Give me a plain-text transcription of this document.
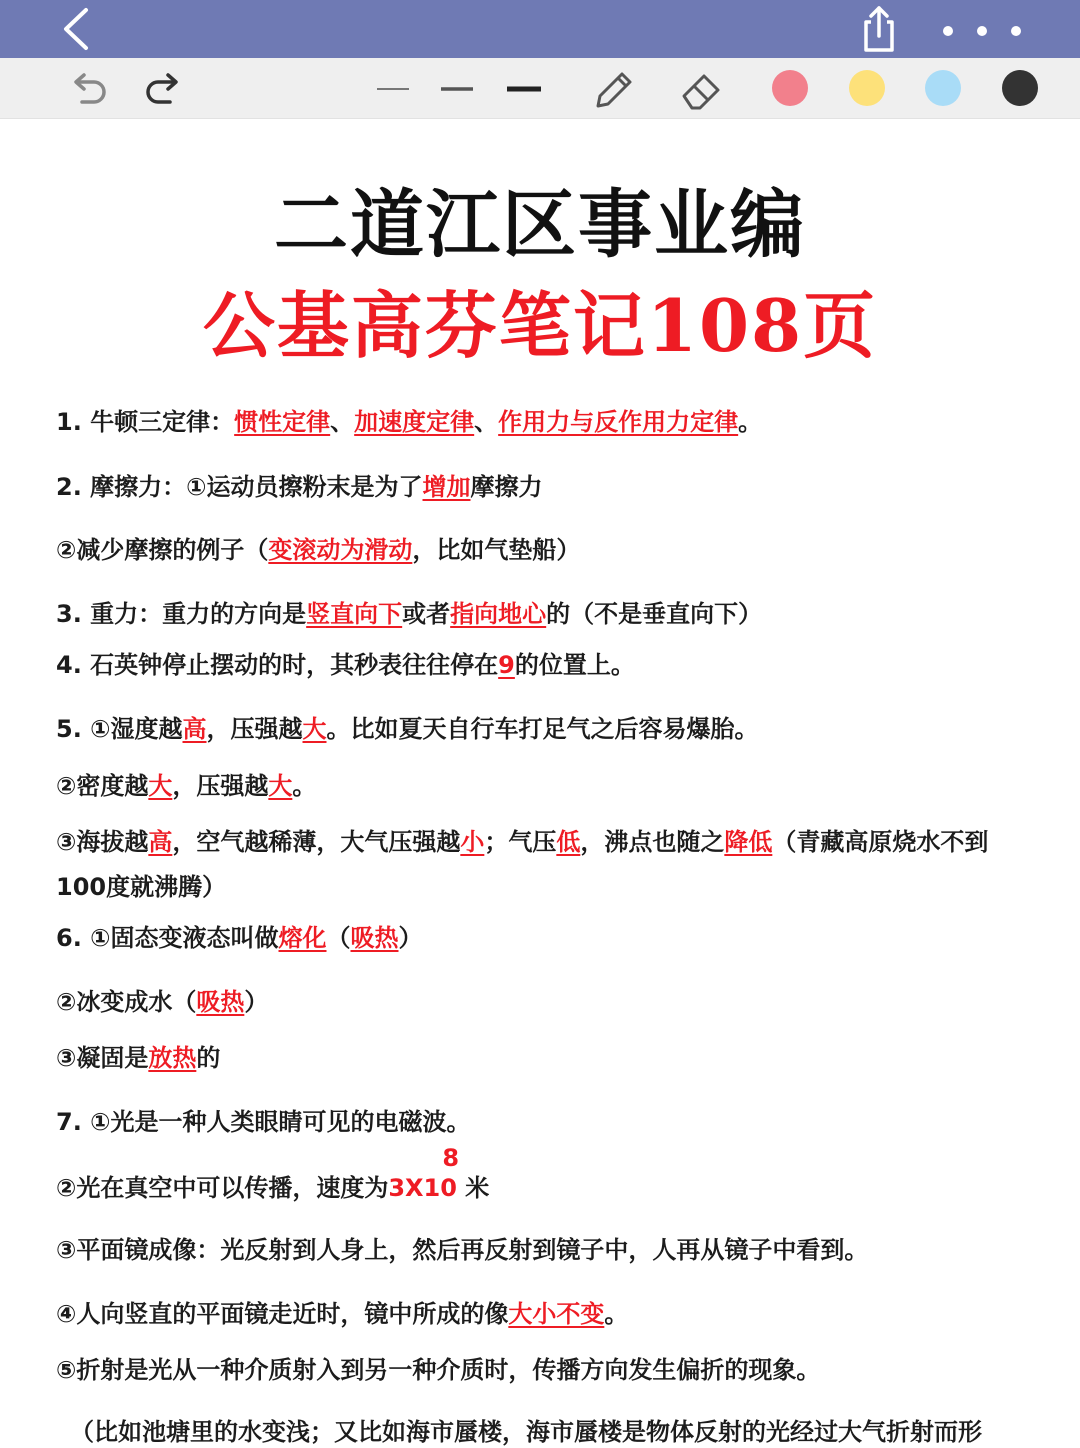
二道江区事业编
公基高芬笔记108页
1. 牛顿三定律：惯性定律、加速度定律、作用力与反作用力定律。
2. 摩擦力：①运动员擦粉末是为了增加摩擦力
②减少摩擦的例子（变滚动为滑动，比如气垫船）
3. 重力：重力的方向是竖直向下或者指向地心的（不是垂直向下）
4. 石英钟停止摆动的时，其秒表往往停在9的位置上。
5. ①湿度越高，压强越大。比如夏天自行车打足气之后容易爆胎。
②密度越大，压强越大。
③海拔越高，空气越稀薄，大气压强越小；气压低，沸点也随之降低（青藏高原烧水不到
100度就沸腾）
6. ①固态变液态叫做熔化（吸热）
②冰变成水（吸热）
③凝固是放热的
7. ①光是一种人类眼睛可见的电磁波。
②光在真空中可以传播，速度为3X10
8
米
③平面镜成像：光反射到人身上，然后再反射到镜子中，人再从镜子中看到。
④人向竖直的平面镜走近时，镜中所成的像大小不变。
⑤折射是光从一种介质射入到另一种介质时，传播方向发生偏折的现象。
（比如池塘里的水变浅；又比如海市蜃楼，海市蜃楼是物体反射的光经过大气折射而形
